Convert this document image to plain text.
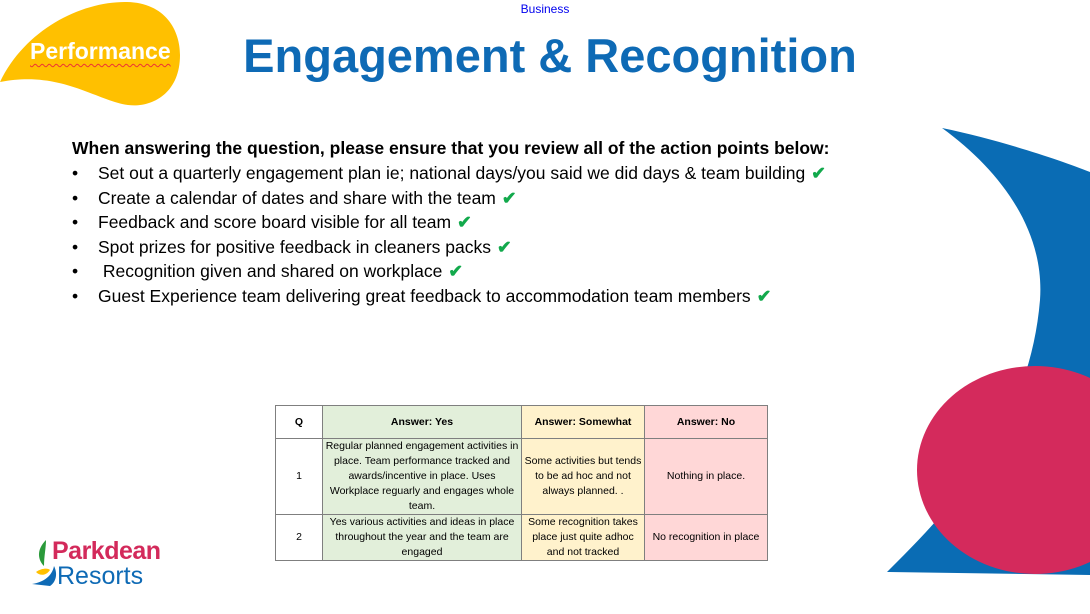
Business
Performance	Engagement & Recognition
When answering the question, please ensure that you review all of the action points below:
• Set out a quarterly engagement plan ie; national days/you said we did days & team building ✔
• Create a calendar of dates and share with the team ✔
• Feedback and score board visible for all team ✔
• Spot prizes for positive feedback in cleaners packs ✔
• Recognition given and shared on workplace ✔
• Guest Experience team delivering great feedback to accommodation team members ✔
Q	Answer: Yes	Answer: Somewhat	Answer: No
1	Regular planned engagement activities in place. Team performance tracked and awards/incentive in place. Uses Workplace reguarly and engages whole team.	Some activities but tends to be ad hoc and not always planned. .	Nothing in place.
2	Yes various activities and ideas in place throughout the year and the team are engaged	Some recognition takes place just quite adhoc and not tracked	No recognition in place
Parkdean
Resorts
